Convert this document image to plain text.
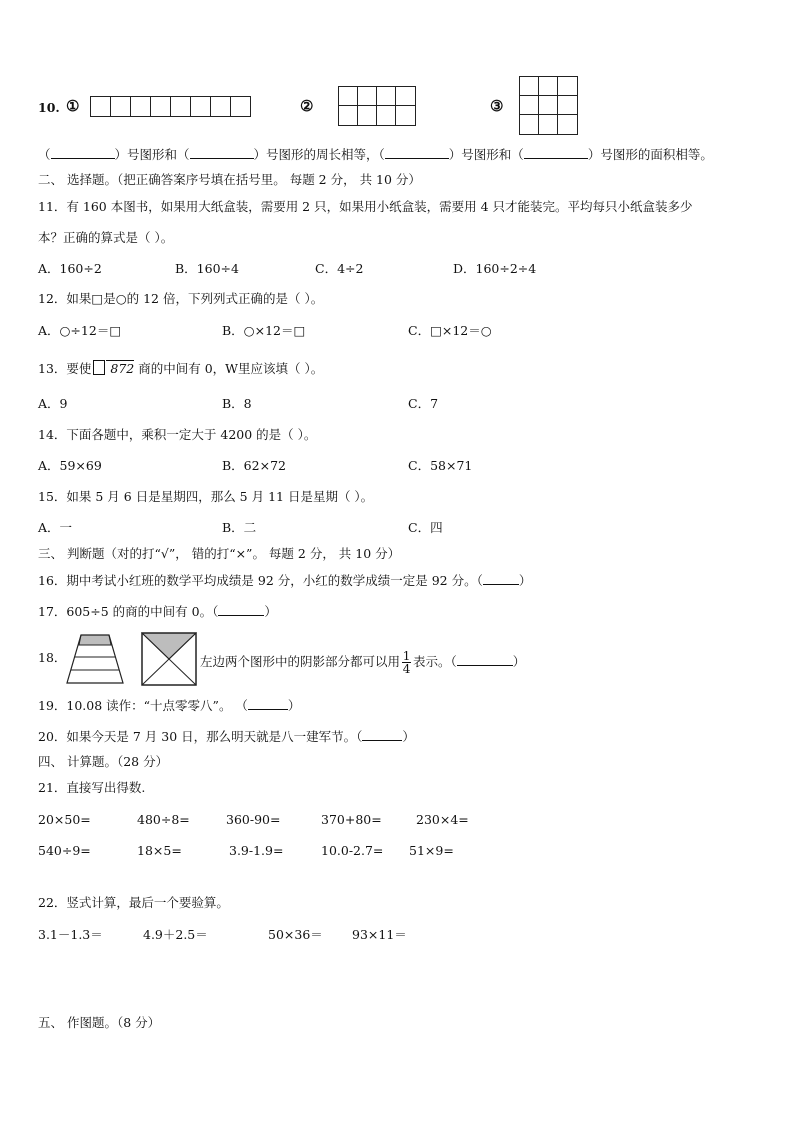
10. ①	②	③
（	）号图形和（	）号图形的周长相等，（	）号图形和（	）号图形的面积相等。
二、 选择题。（把正确答案序号填在括号里。 每题 2 分， 共 10 分）
11．有 160 本图书，如果用大纸盒装，需要用 2 只，如果用小纸盒装，需要用 4 只才能装完。平均每只小纸盒装多少
本？正确的算式是（ ）。
A．160÷2	B．160÷4	C．4÷2	D．160÷2÷4
12．如果□是○的 12 倍，下列列式正确的是（ ）。
A．○÷12＝□	B．○×12＝□	C．□×12＝○
13．要使 872 商的中间有 0，W里应该填（ ）。
A．9	B．8	C．7
14．下面各题中，乘积一定大于 4200 的是（ ）。
A．59×69	B．62×72	C．58×71
15．如果 5 月 6 日是星期四，那么 5 月 11 日是星期（ ）。
A．一	B．二	C．四
三、 判断题（对的打“√”， 错的打“×”。 每题 2 分， 共 10 分）
16．期中考试小红班的数学平均成绩是 92 分，小红的数学成绩一定是 92 分。（	）
17．605÷5 的商的中间有 0。（	）
18．	左边两个图形中的阴影部分都可以用 $\frac{1}{4}$ 表示。（	）
19．10.08 读作：“十点零零八”。 （	）
20．如果今天是 7 月 30 日，那么明天就是八一建军节。（	）
四、 计算题。（28 分）
21．直接写出得数.
20×50=	480÷8=	360-90=	370+80=	230×4=
540÷9=	18×5=	3.9-1.9=	10.0-2.7= 51×9=
22．竖式计算，最后一个要验算。
3.1－1.3＝	4.9＋2.5＝	50×36＝ 93×11＝
五、 作图题。（8 分）
